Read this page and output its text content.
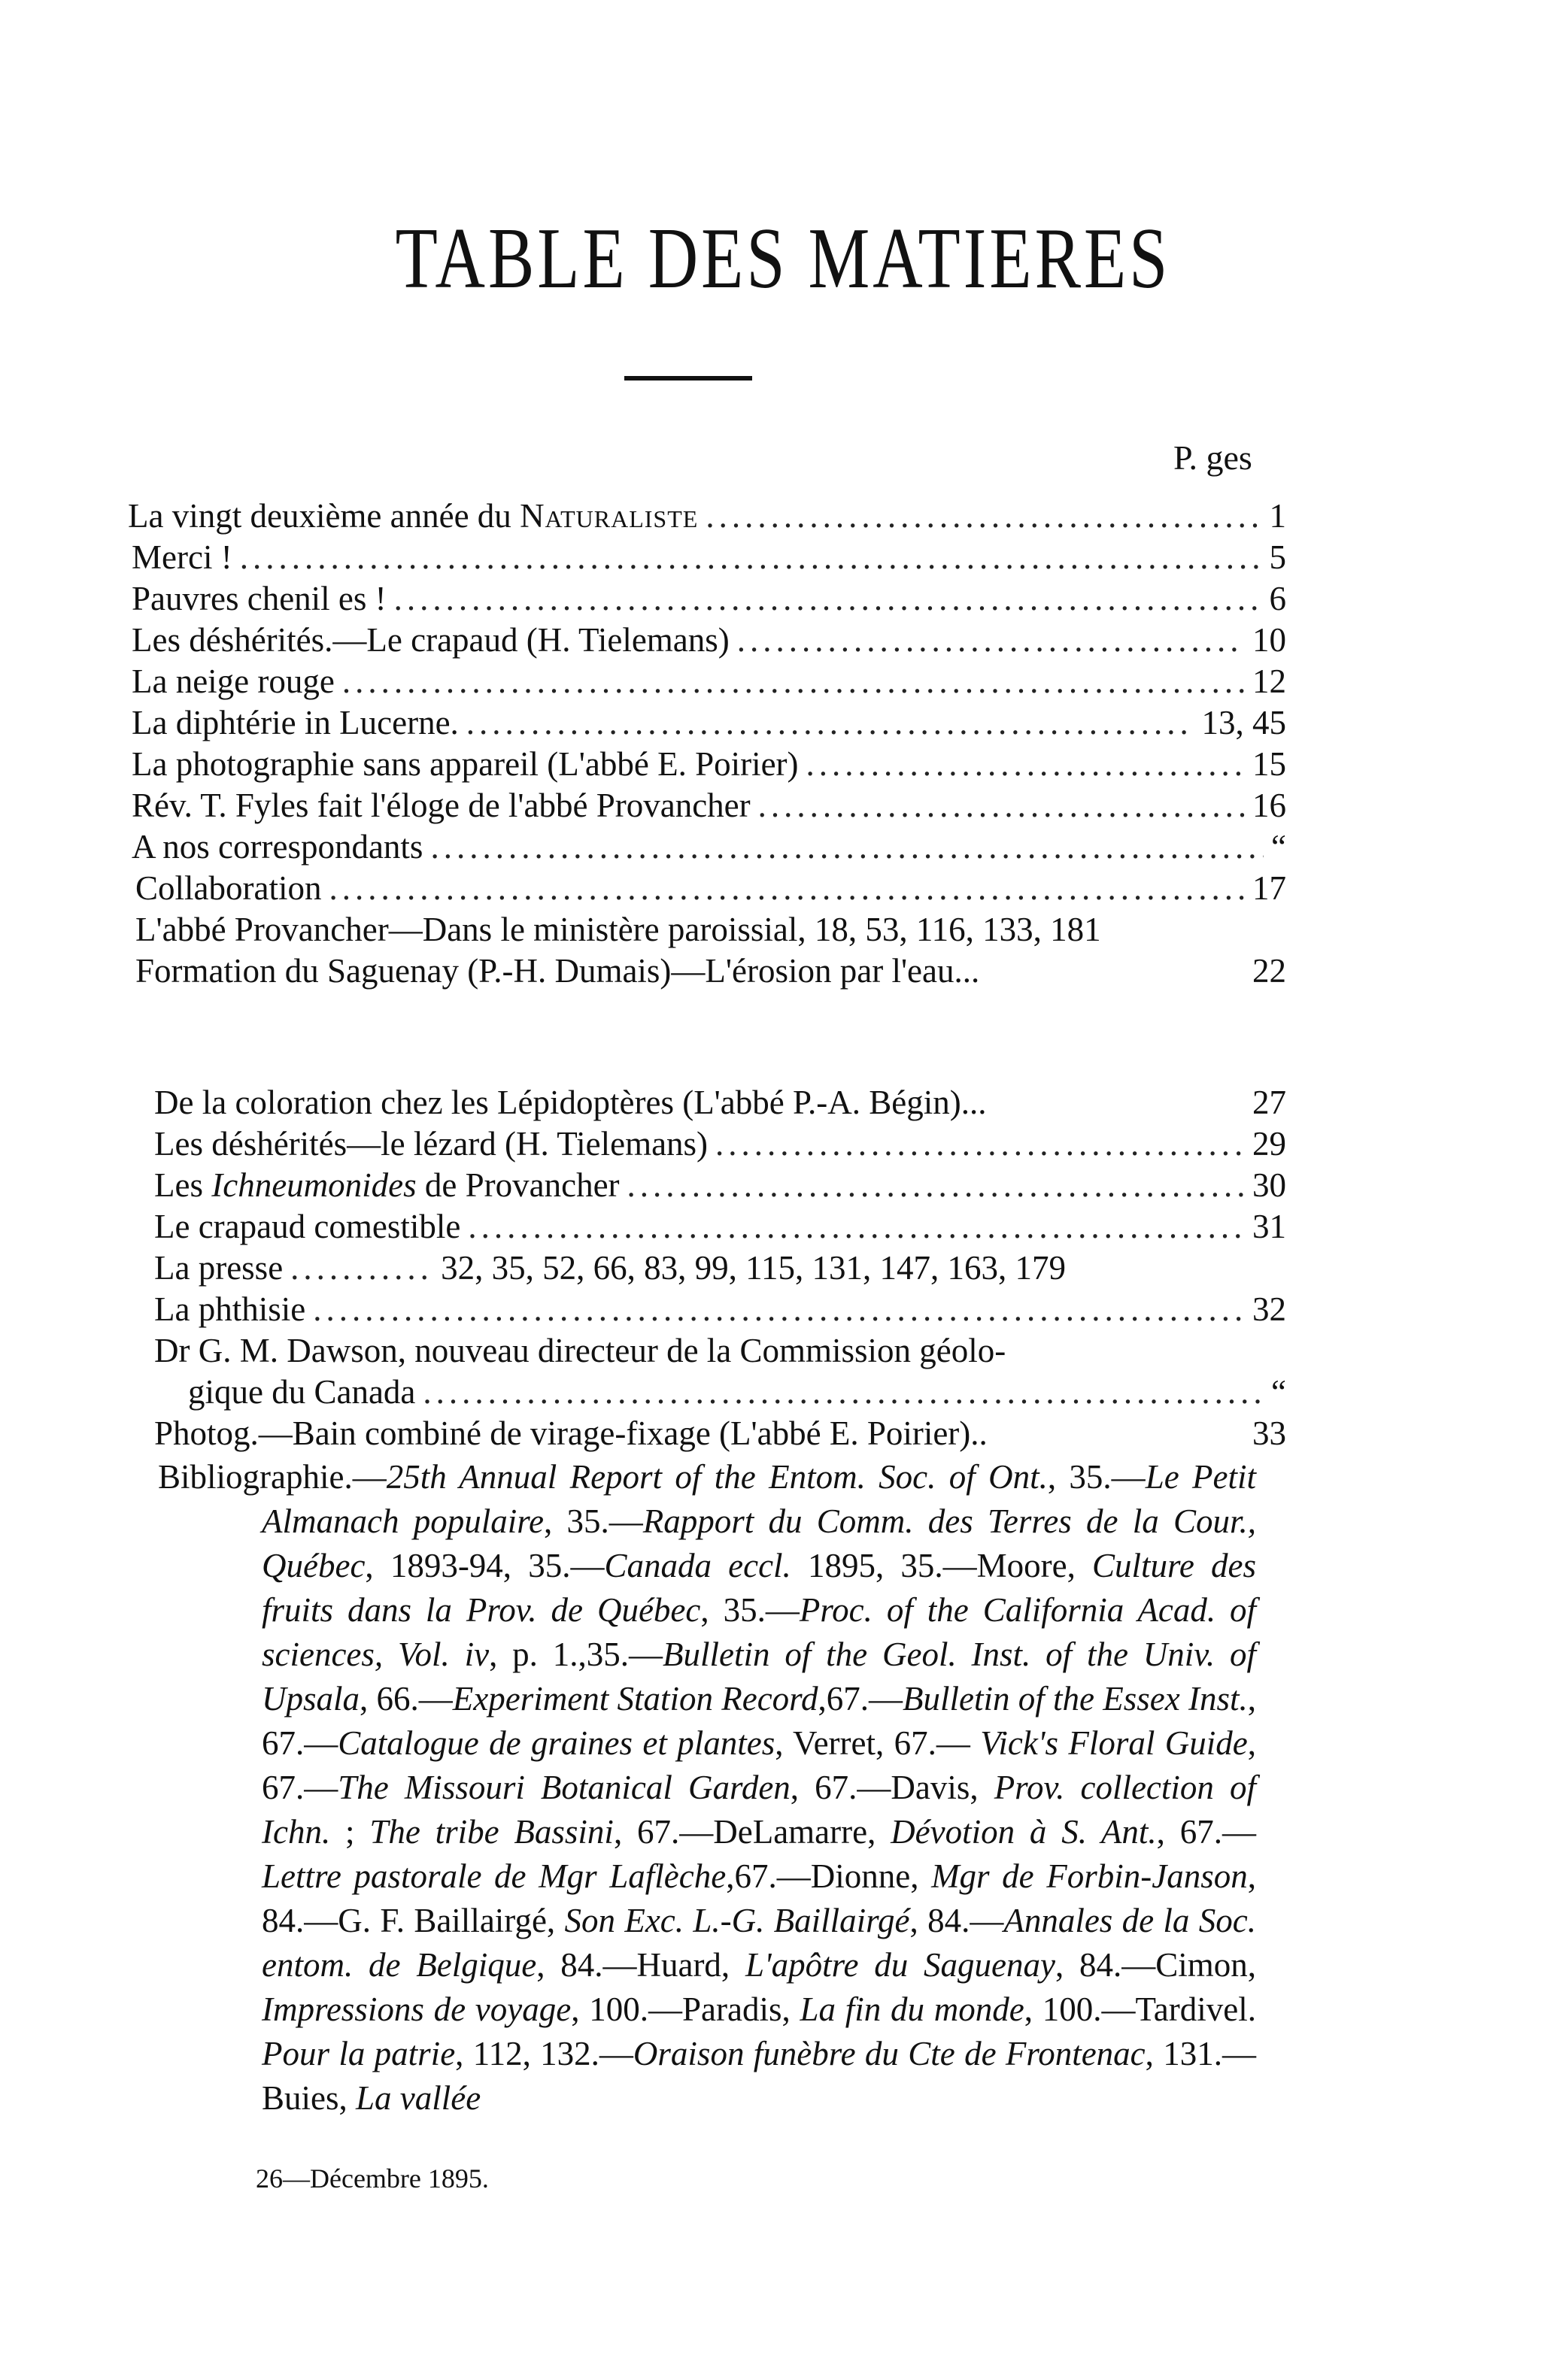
TABLE DES MATIERES
P. ges
La vingt deuxième année du Naturaliste .....	1
Merci ! .....	5
Pauvres chenil es ! .....	6
Les déshérités.—Le crapaud (H. Tielemans) .....	10
La neige rouge .....	12
La diphtérie in Lucerne. .....	13, 45
La photographie sans appareil (L'abbé E. Poirier) .....	15
Rév. T. Fyles fait l'éloge de l'abbé Provancher .....	16
A nos correspondants .....	“
Collaboration .....	17
L'abbé Provancher—Dans le ministère paroissial, 18, 53, 116, 133, 181
Formation du Saguenay (P.-H. Dumais)—L'érosion par l'eau...	22
De la coloration chez les Lépidoptères (L'abbé P.-A. Bégin)...	27
Les déshérités—le lézard (H. Tielemans) .....	29
Les Ichneumonides de Provancher .....	30
Le crapaud comestible .....	31
La presse .....	32, 35, 52, 66, 83, 99, 115, 131, 147, 163, 179
La phthisie .....	32
Dr G. M. Dawson, nouveau directeur de la Commission géolo-
gique du Canada .....	“
Photog.—Bain combiné de virage-fixage (L'abbé E. Poirier)..	33
Bibliographie.—25th Annual Report of the Entom. Soc. of Ont., 35.—Le Petit Almanach populaire, 35.—Rapport du Comm. des Terres de la Cour., Québec, 1893-94, 35.—Canada eccl. 1895, 35.—Moore, Culture des fruits dans la Prov. de Québec, 35.—Proc. of the California Acad. of sciences, Vol. iv, p. 1.,35.—Bulletin of the Geol. Inst. of the Univ. of Upsala, 66.—Experiment Station Record,67.—Bulletin of the Essex Inst., 67.—Catalogue de graines et plantes, Verret, 67.— Vick's Floral Guide, 67.—The Missouri Botanical Garden, 67.—Davis, Prov. collection of Ichn. ; The tribe Bassini, 67.—DeLamarre, Dévotion à S. Ant., 67.—Lettre pastorale de Mgr Laflèche,67.—Dionne, Mgr de Forbin-Janson, 84.—G. F. Baillairgé, Son Exc. L.-G. Baillairgé, 84.—Annales de la Soc. entom. de Belgique, 84.—Huard, L'apôtre du Saguenay, 84.—Cimon, Impressions de voyage, 100.—Paradis, La fin du monde, 100.—Tardivel. Pour la patrie, 112, 132.—Oraison funèbre du Cte de Frontenac, 131.—Buies, La vallée
26—Décembre 1895.
